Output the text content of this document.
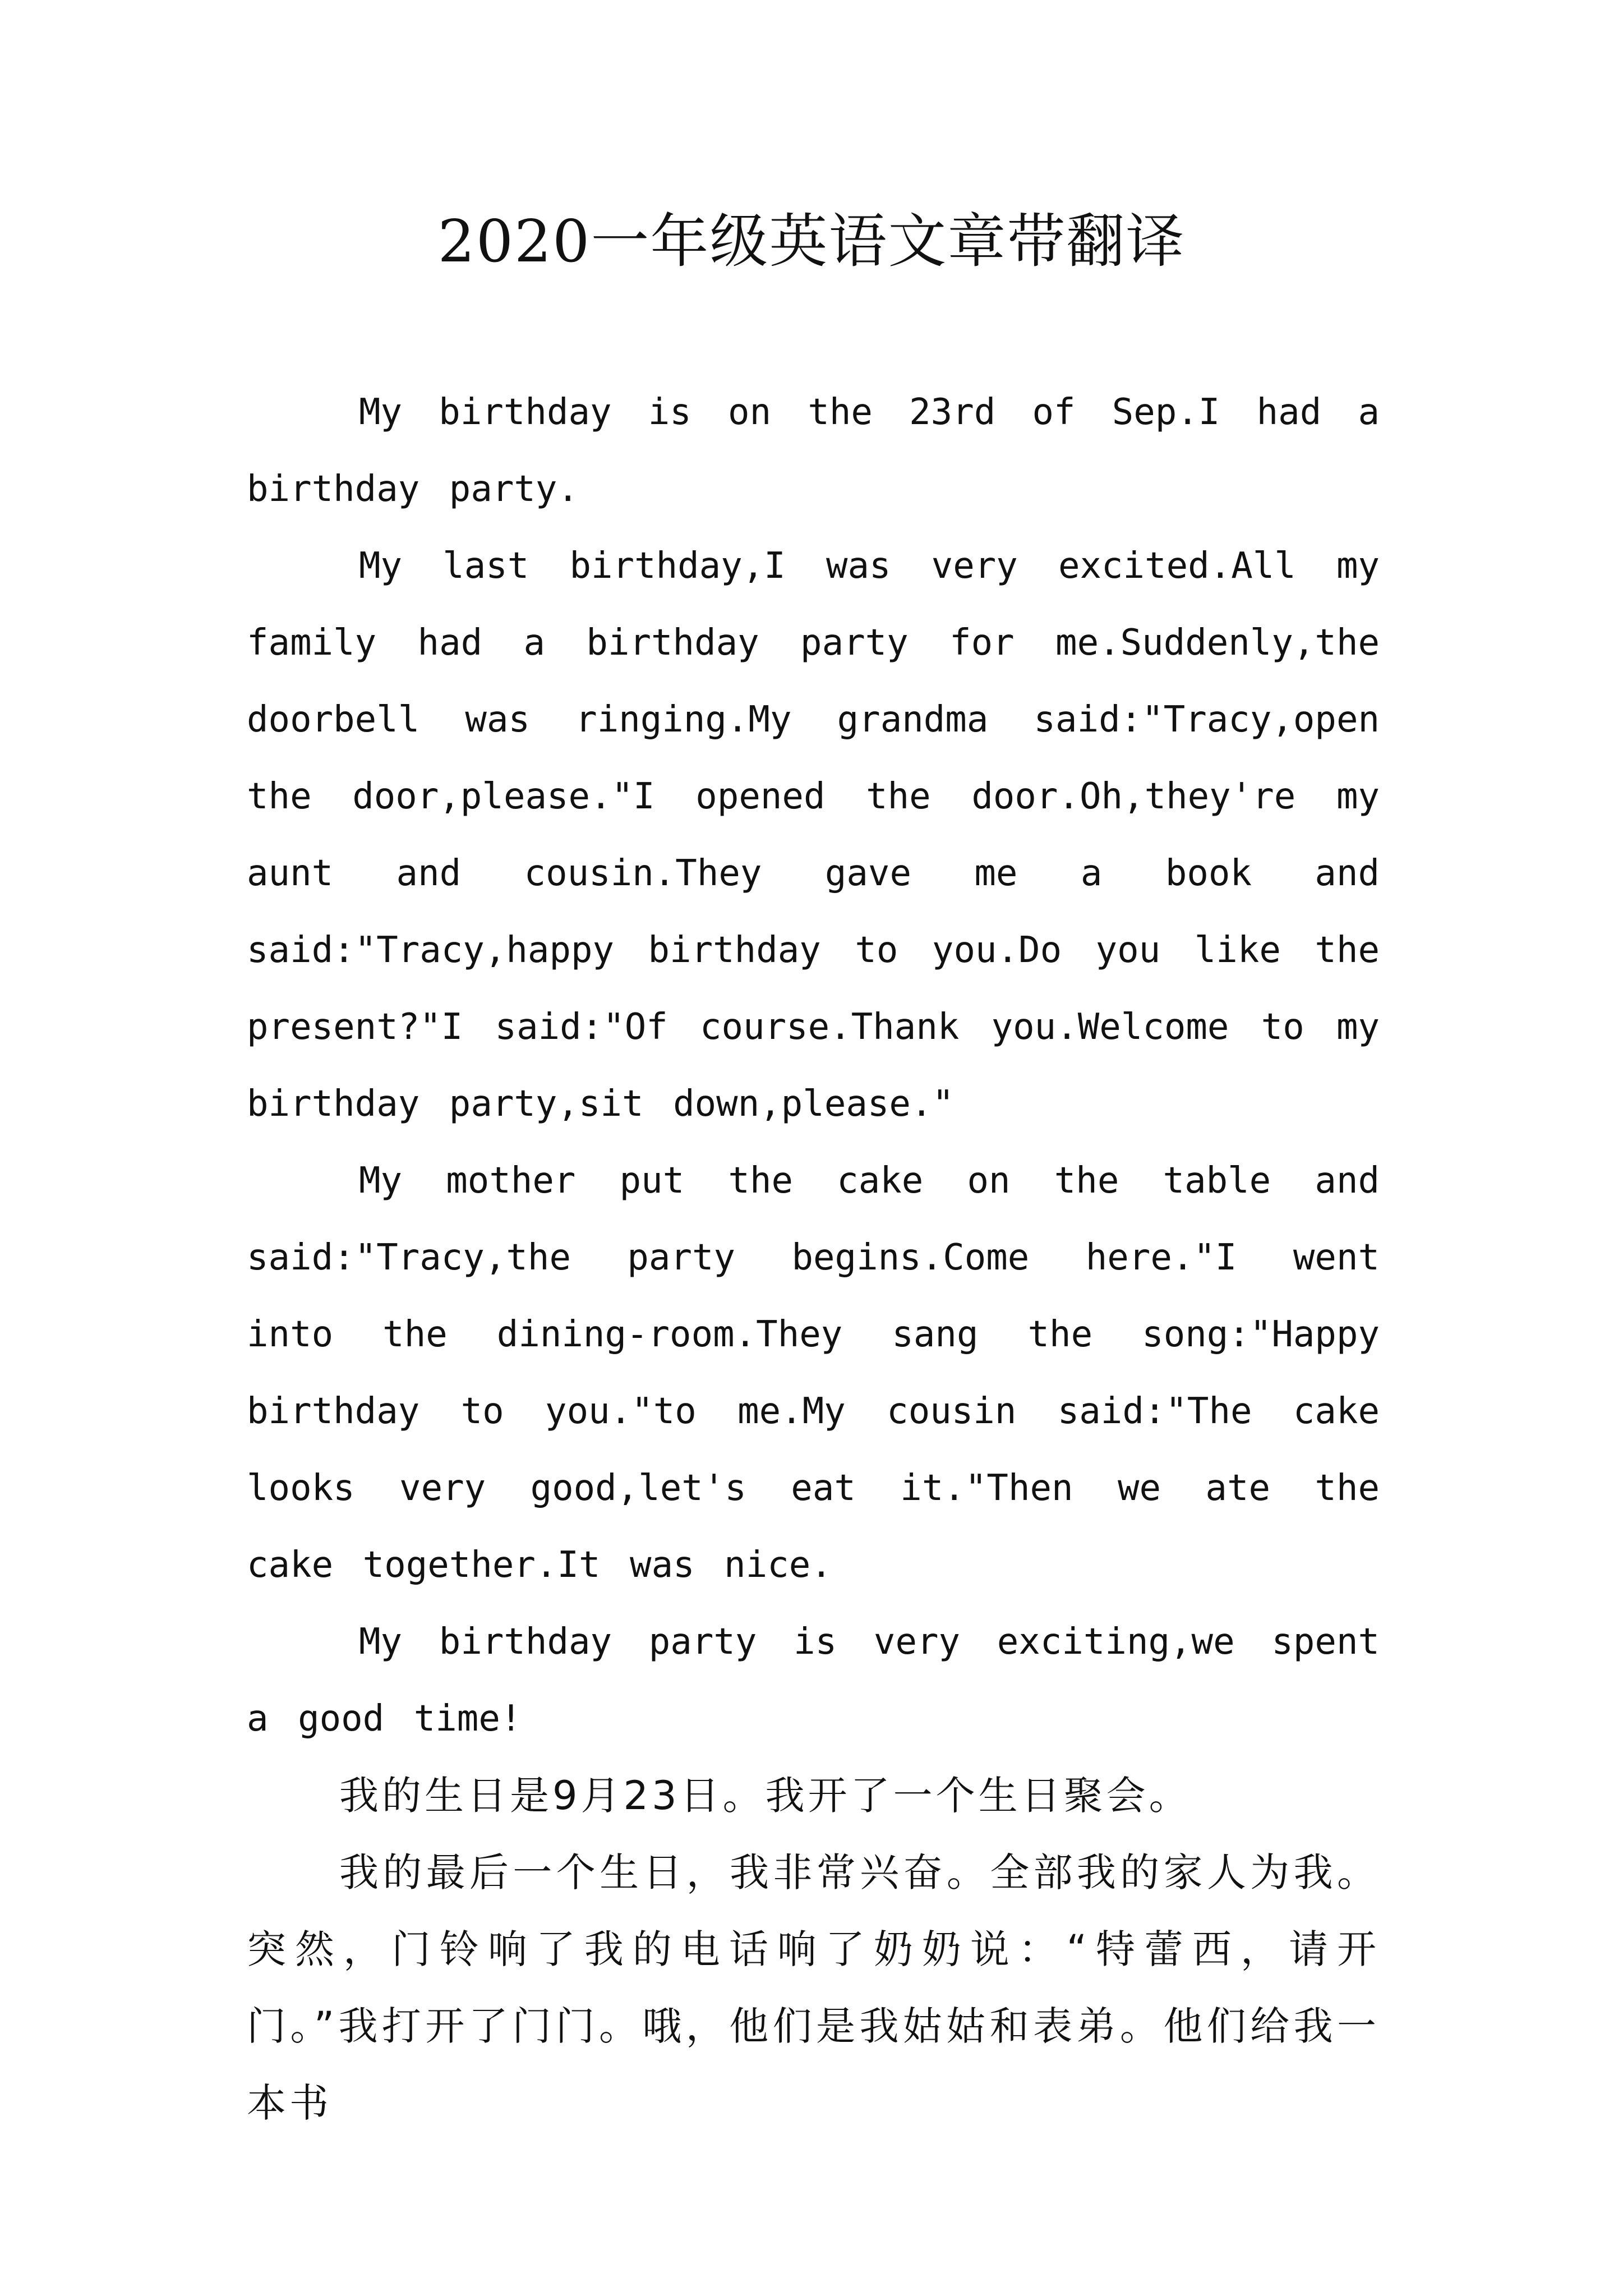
2020一年级英语文章带翻译

My birthday is on the 23rd of Sep.I had a birthday party.

My last birthday,I was very excited.All my family had a birthday party for me.Suddenly,the doorbell was ringing.My grandma said:"Tracy,open the door,please."I opened the door.Oh,they're my aunt and cousin.They gave me a book and said:"Tracy,happy birthday to you.Do you like the present?"I said:"Of course.Thank you.Welcome to my birthday party,sit down,please."

My mother put the cake on the table and said:"Tracy,the party begins.Come here."I went into the dining-room.They sang the song:"Happy birthday to you."to me.My cousin said:"The cake looks very good,let's eat it."Then we ate the cake together.It was nice.

My birthday party is very exciting,we spent a good time!

我的生日是9月23日。我开了一个生日聚会。

我的最后一个生日，我非常兴奋。全部我的家人为我。突然，门铃响了我的电话响了奶奶说：“特蕾西，请开门。”我打开了门门。哦，他们是我姑姑和表弟。他们给我一本书
